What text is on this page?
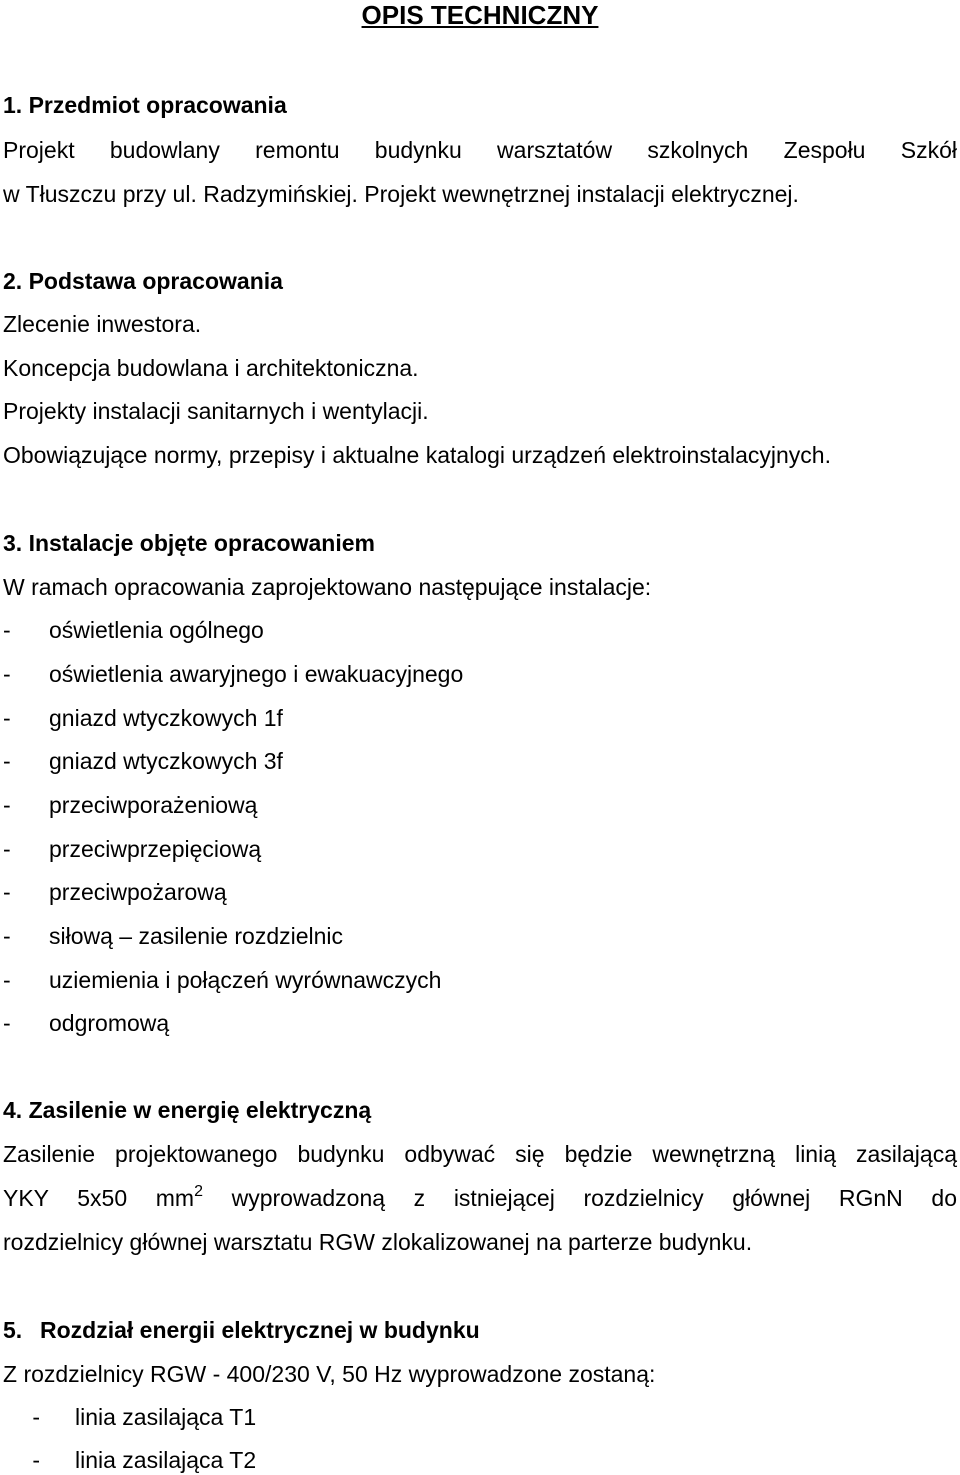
OPIS TECHNICZNY
1. Przedmiot opracowania
Projekt budowlany remontu budynku warsztatów szkolnych Zespołu Szkół
w Tłuszczu przy ul. Radzymińskiej. Projekt wewnętrznej instalacji elektrycznej.
2. Podstawa opracowania
Zlecenie inwestora.
Koncepcja budowlana i architektoniczna.
Projekty instalacji sanitarnych i wentylacji.
Obowiązujące normy, przepisy i aktualne katalogi urządzeń elektroinstalacyjnych.
3. Instalacje objęte opracowaniem
W ramach opracowania zaprojektowano następujące instalacje:
- oświetlenia ogólnego
- oświetlenia awaryjnego i ewakuacyjnego
- gniazd wtyczkowych 1f
- gniazd wtyczkowych 3f
- przeciwporażeniową
- przeciwprzepięciową
- przeciwpożarową
- siłową – zasilenie rozdzielnic
- uziemienia i połączeń wyrównawczych
- odgromową
4. Zasilenie w energię elektryczną
Zasilenie projektowanego budynku odbywać się będzie wewnętrzną linią zasilającą
YKY 5x50 $mm^2$ wyprowadzoną z istniejącej rozdzielnicy głównej RGnN do
rozdzielnicy głównej warsztatu RGW zlokalizowanej na parterze budynku.
5. Rozdział energii elektrycznej w budynku
Z rozdzielnicy RGW - 400/230 V, 50 Hz wyprowadzone zostaną:
- linia zasilająca T1
- linia zasilająca T2
